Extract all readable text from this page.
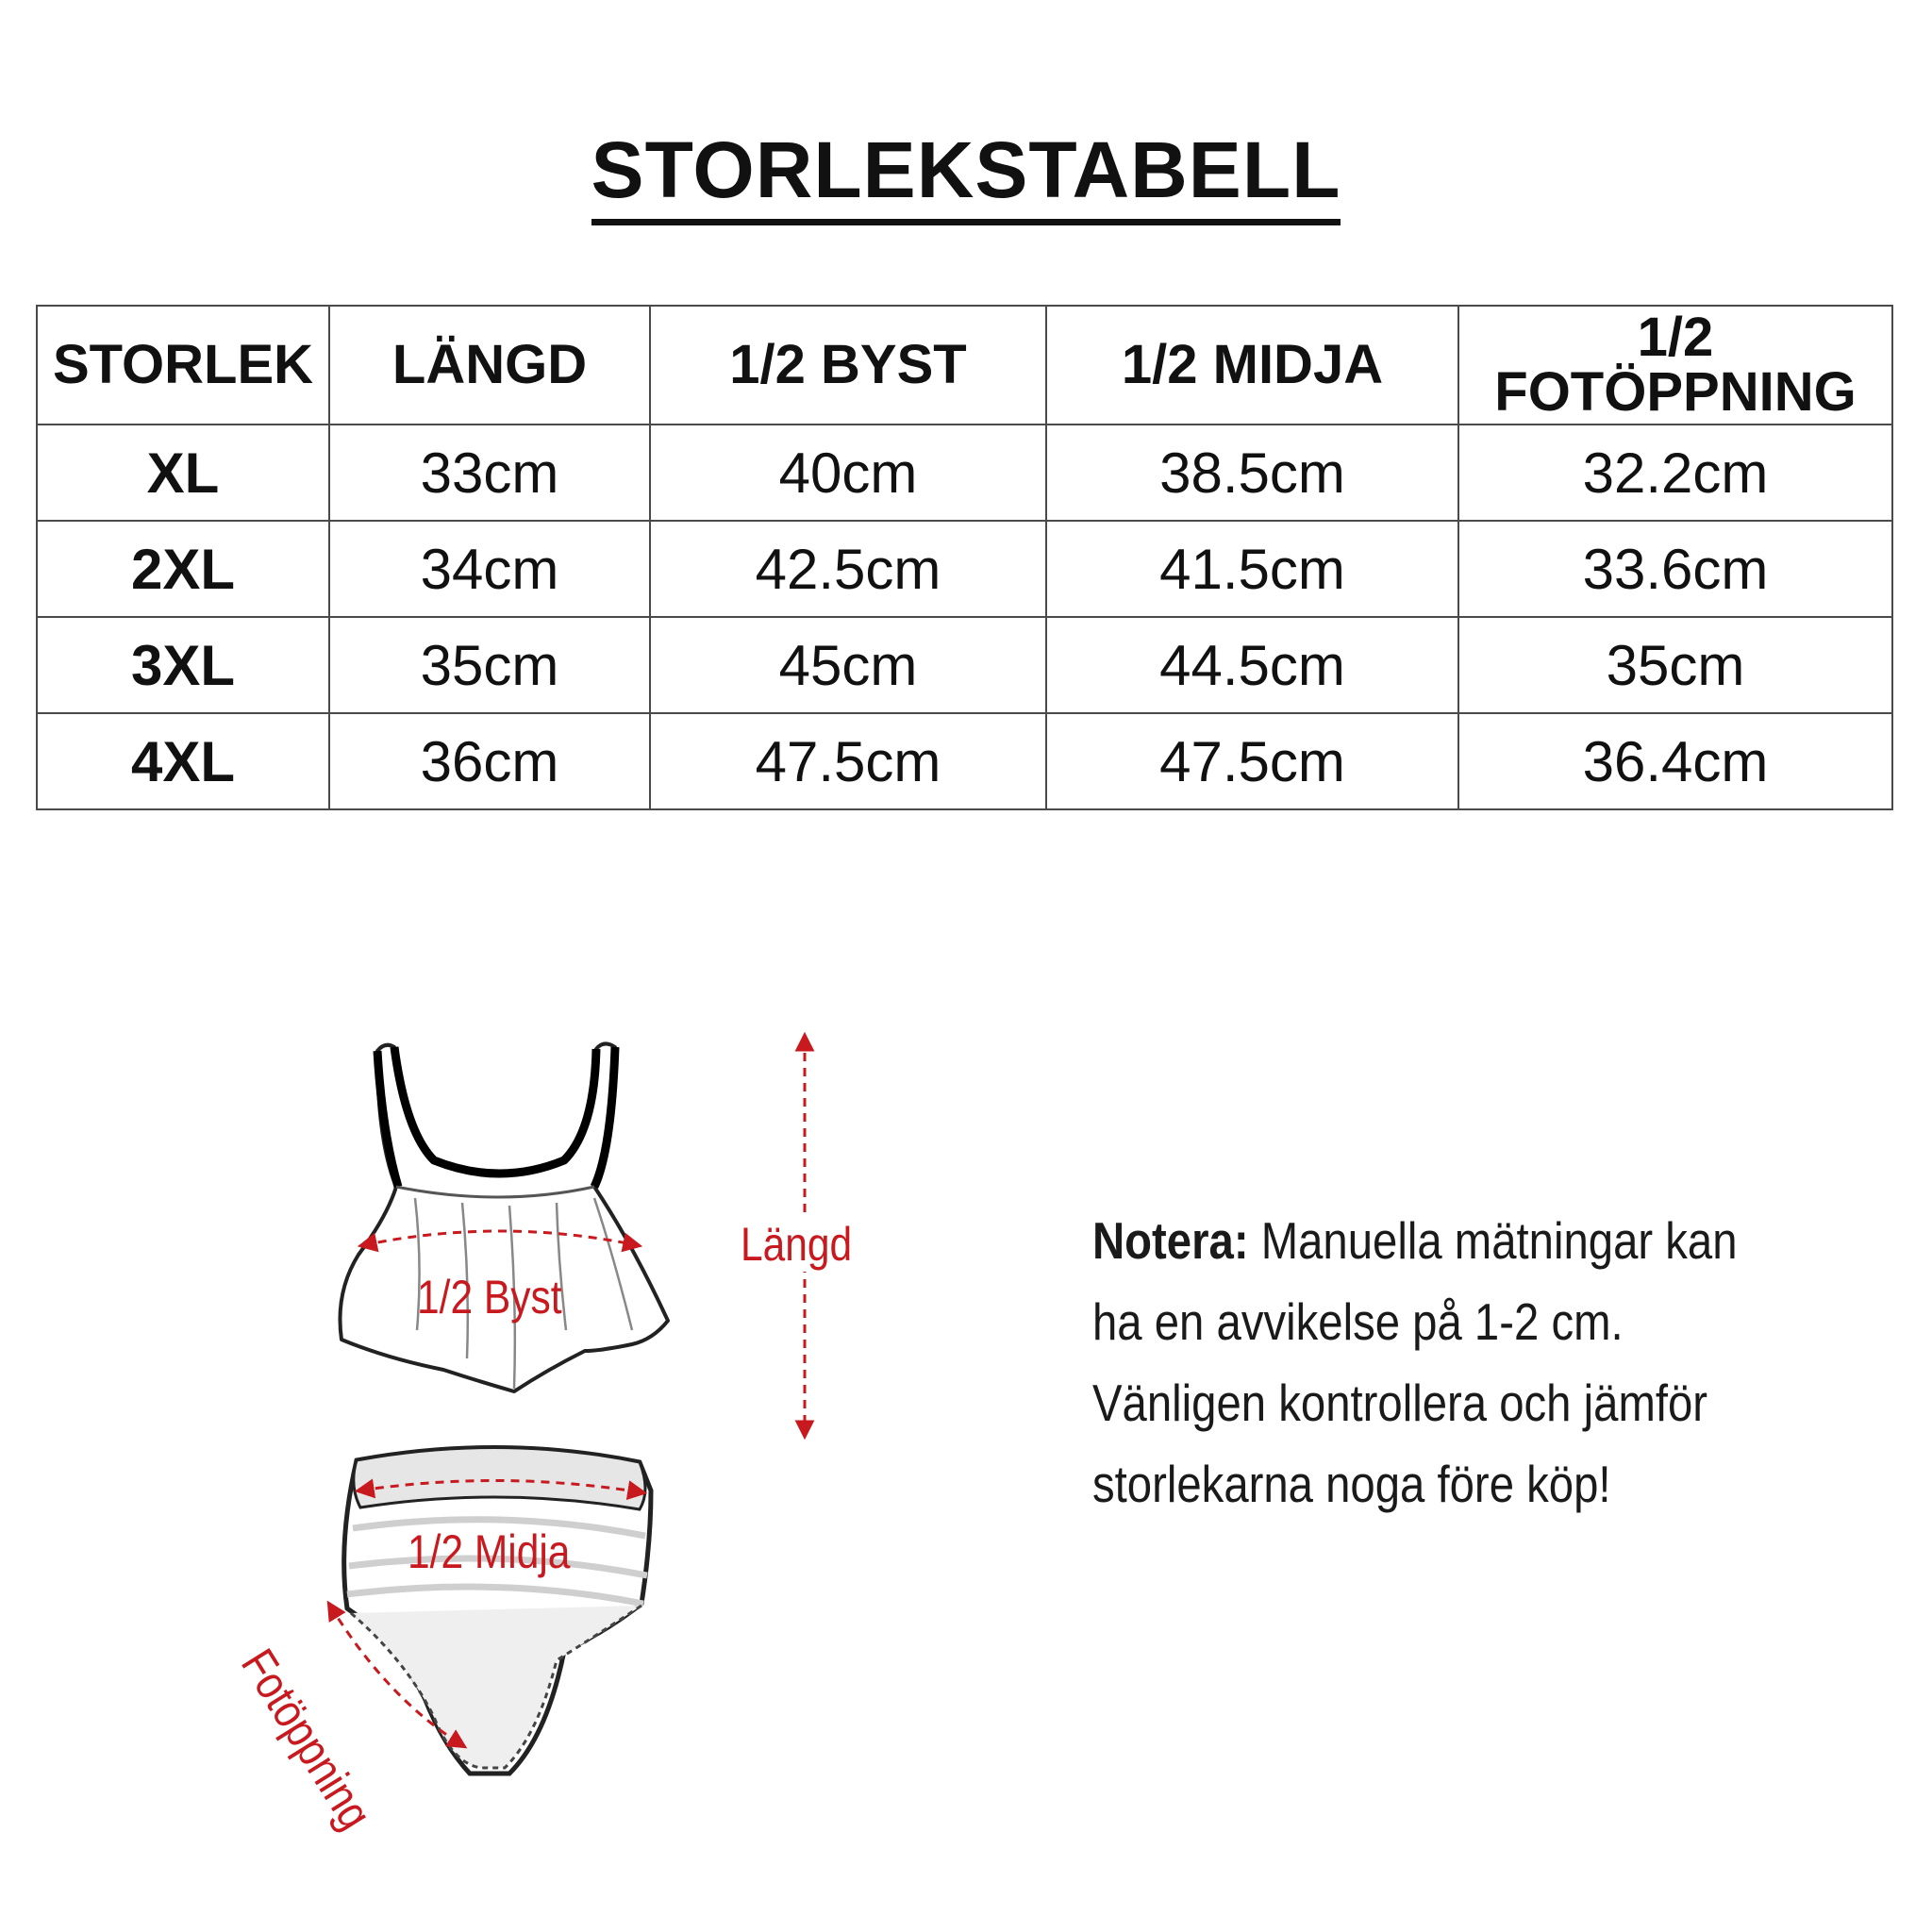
STORLEKSTABELL
STORLEK	LÄNGD	1/2 BYST	1/2 MIDJA	1/2
FOTÖPPNING

XL	33cm	40cm	38.5cm	32.2cm
2XL	34cm	42.5cm	41.5cm	33.6cm
3XL	35cm	45cm	44.5cm	35cm
4XL	36cm	47.5cm	47.5cm	36.4cm
1/2 Byst
Längd
1/2 Midja
Fotöppning
Notera: Manuella mätningar kan ha en avvikelse på 1-2 cm. Vänligen kontrollera och jämför storlekarna noga före köp!
